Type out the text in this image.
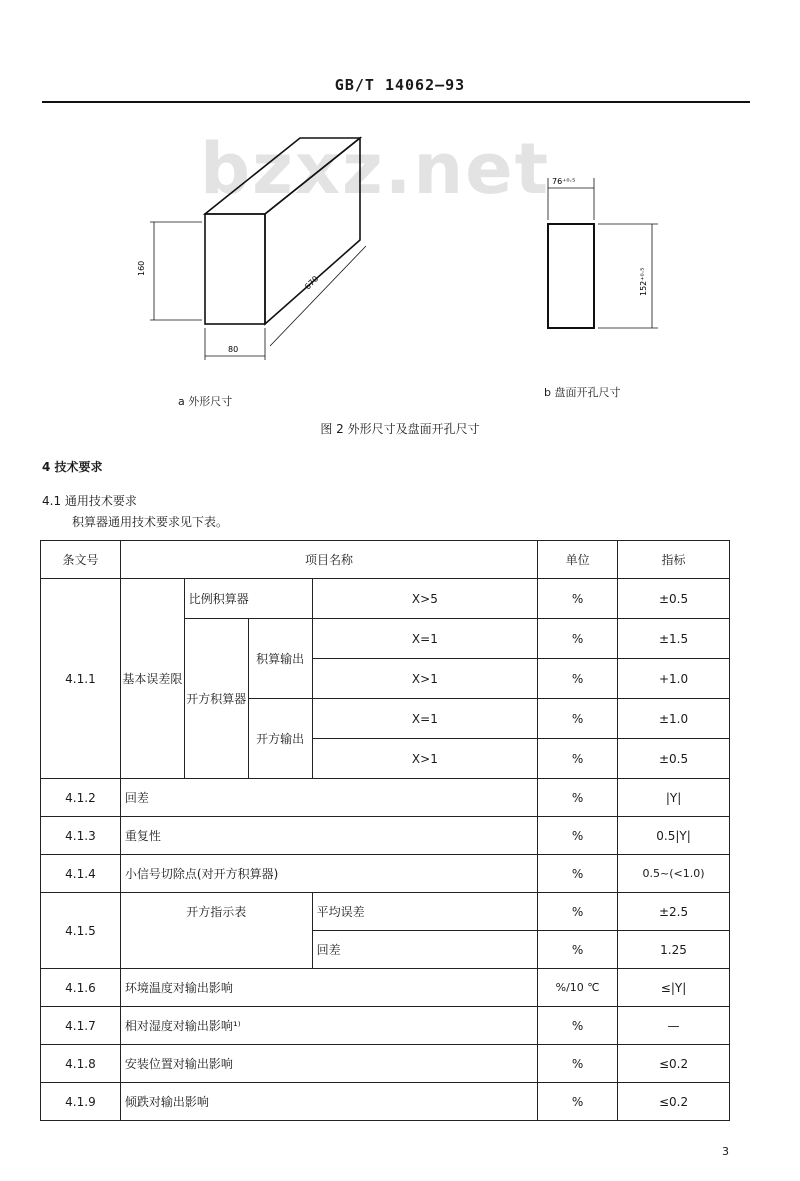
GB/T 14062—93
bzxz.net
160
80
670
76⁺⁰·⁵
152⁺⁰·⁵
a 外形尺寸
b 盘面开孔尺寸
图 2 外形尺寸及盘面开孔尺寸
4 技术要求
4.1 通用技术要求
积算器通用技术要求见下表。
条文号	项目名称				单位	指标
4.1.1	基本误差限	比例积算器		X>5	%	±0.5
		开方积算器	积算输出	X=1	%	±1.5
				X>1	%	+1.0
			开方输出	X=1	%	±1.0
				X>1	%	±0.5
4.1.2	回差				%	|Y|
4.1.3	重复性				%	0.5|Y|
4.1.4	小信号切除点(对开方积算器)				%	0.5~(<1.0)
4.1.5	开方指示表			平均误差	%	±2.5
				回差	%	1.25
4.1.6	环境温度对输出影响				%/10 ℃	≤|Y|
4.1.7	相对湿度对输出影响¹⁾				%	—
4.1.8	安装位置对输出影响				%	≤0.2
4.1.9	倾跌对输出影响				%	≤0.2
3
